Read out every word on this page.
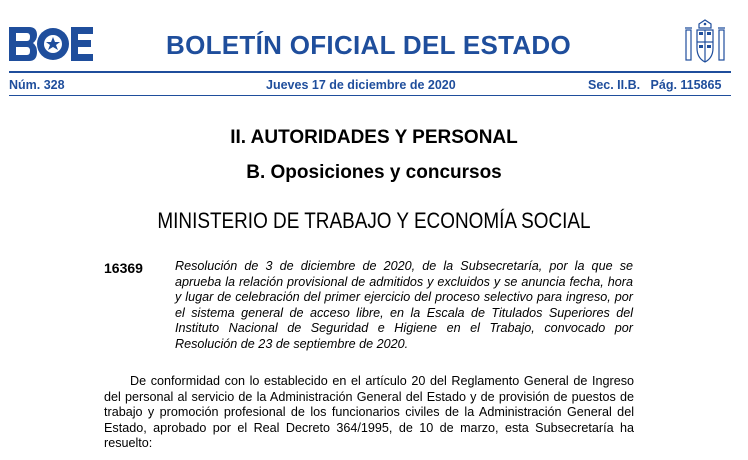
BOLETÍN OFICIAL DEL ESTADO
Núm. 328	Jueves 17 de diciembre de 2020	Sec. II.B.   Pág. 115865
II. AUTORIDADES Y PERSONAL
B. Oposiciones y concursos
MINISTERIO DE TRABAJO Y ECONOMÍA SOCIAL
16369	Resolución de 3 de diciembre de 2020, de la Subsecretaría, por la que se aprueba la relación provisional de admitidos y excluidos y se anuncia fecha, hora y lugar de celebración del primer ejercicio del proceso selectivo para ingreso, por el sistema general de acceso libre, en la Escala de Titulados Superiores del Instituto Nacional de Seguridad e Higiene en el Trabajo, convocado por Resolución de 23 de septiembre de 2020.
De conformidad con lo establecido en el artículo 20 del Reglamento General de Ingreso del personal al servicio de la Administración General del Estado y de provisión de puestos de trabajo y promoción profesional de los funcionarios civiles de la Administración General del Estado, aprobado por el Real Decreto 364/1995, de 10 de marzo, esta Subsecretaría ha resuelto:
